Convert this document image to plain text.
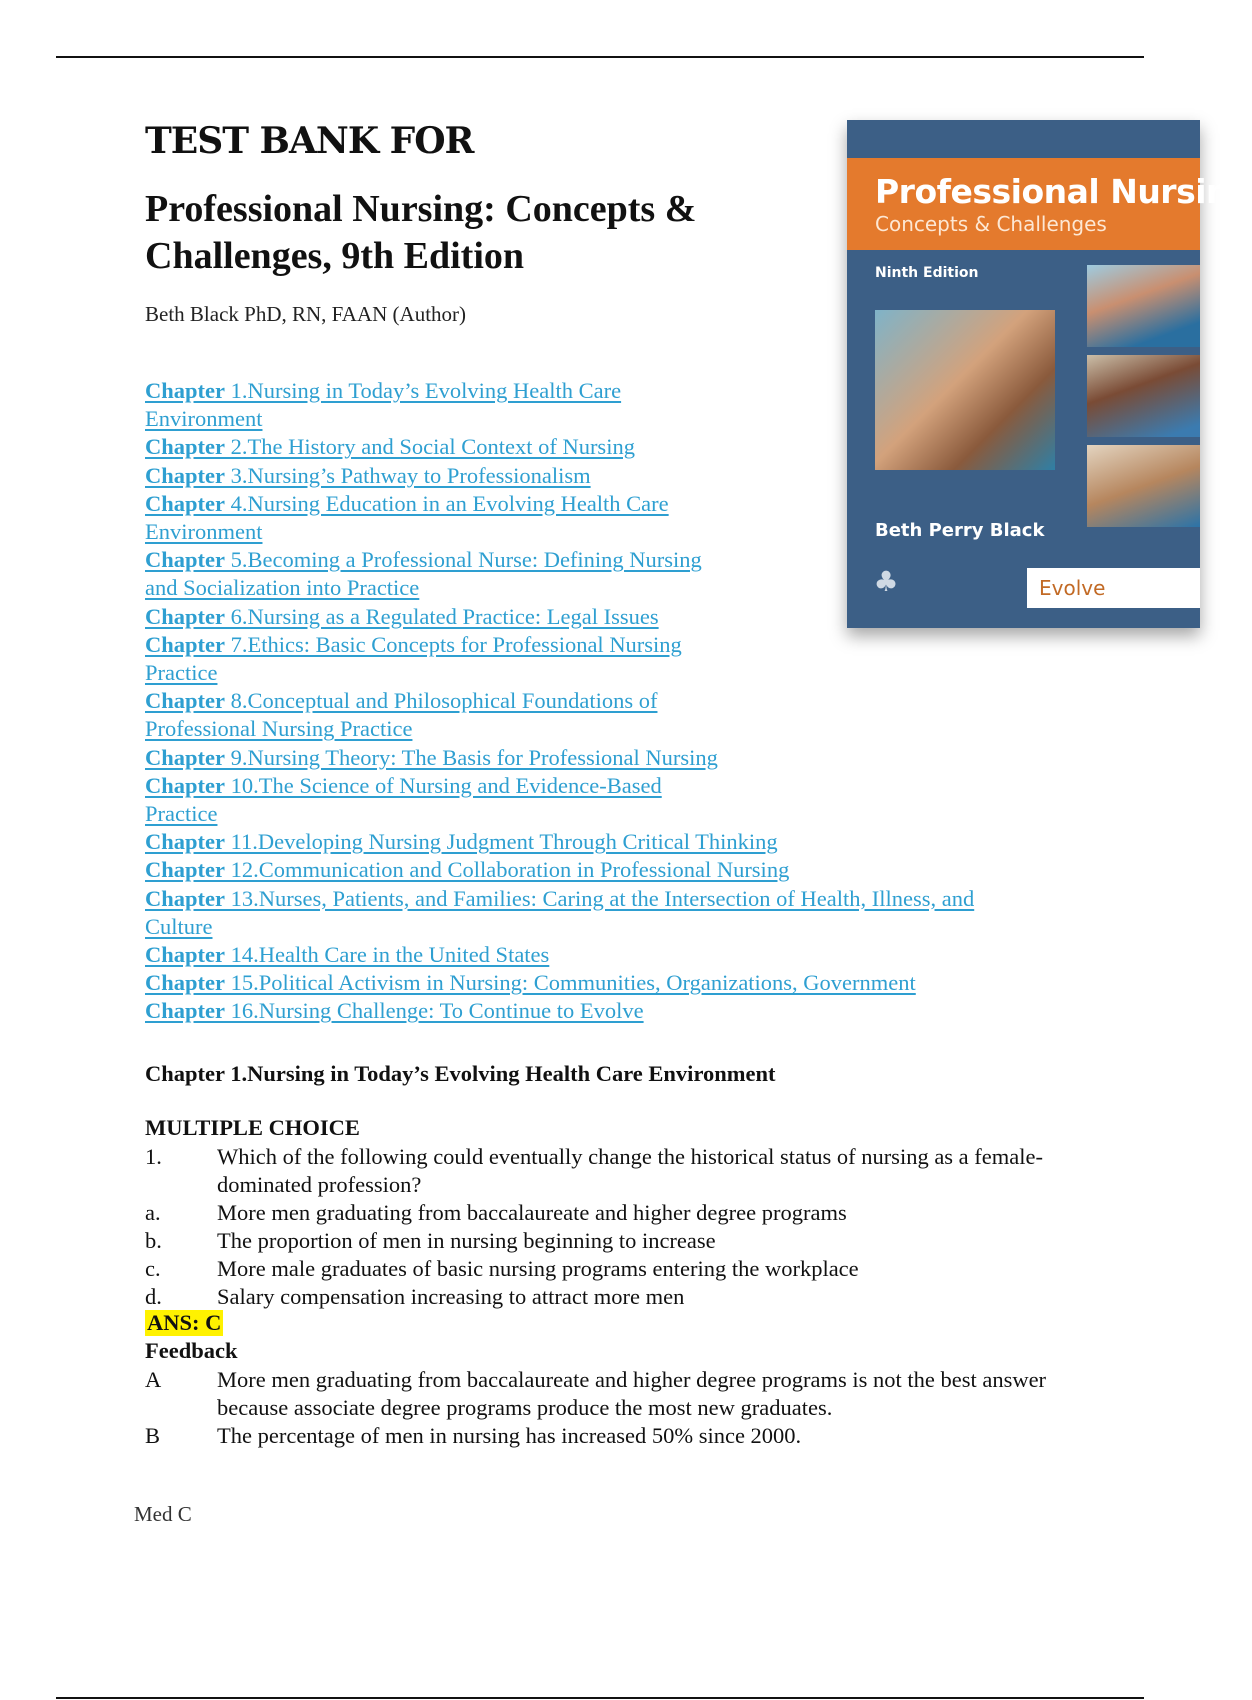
TEST BANK FOR
Professional Nursing: Concepts & Challenges, 9th Edition
Beth Black PhD, RN, FAAN (Author)
Professional Nursing
Concepts & Challenges
Ninth Edition
Beth Perry Black
♣	Evolve
Chapter 1.Nursing in Today’s Evolving Health Care
Environment
Chapter 2.The History and Social Context of Nursing
Chapter 3.Nursing’s Pathway to Professionalism
Chapter 4.Nursing Education in an Evolving Health Care
Environment
Chapter 5.Becoming a Professional Nurse: Defining Nursing
and Socialization into Practice
Chapter 6.Nursing as a Regulated Practice: Legal Issues
Chapter 7.Ethics: Basic Concepts for Professional Nursing
Practice
Chapter 8.Conceptual and Philosophical Foundations of
Professional Nursing Practice
Chapter 9.Nursing Theory: The Basis for Professional Nursing
Chapter 10.The Science of Nursing and Evidence-Based
Practice
Chapter 11.Developing Nursing Judgment Through Critical Thinking
Chapter 12.Communication and Collaboration in Professional Nursing
Chapter 13.Nurses, Patients, and Families: Caring at the Intersection of Health, Illness, and
Culture
Chapter 14.Health Care in the United States
Chapter 15.Political Activism in Nursing: Communities, Organizations, Government
Chapter 16.Nursing Challenge: To Continue to Evolve
Chapter 1.Nursing in Today’s Evolving Health Care Environment
MULTIPLE CHOICE
1. Which of the following could eventually change the historical status of nursing as a female- dominated profession?
a.	More men graduating from baccalaureate and higher degree programs
b. The proportion of men in nursing beginning to increase
c.	More male graduates of basic nursing programs entering the workplace
d. Salary compensation increasing to attract more men
ANS: C
Feedback
A More men graduating from baccalaureate and higher degree programs is not the best answer because associate degree programs produce the most new graduates.
B	The percentage of men in nursing has increased 50% since 2000.
Med C
